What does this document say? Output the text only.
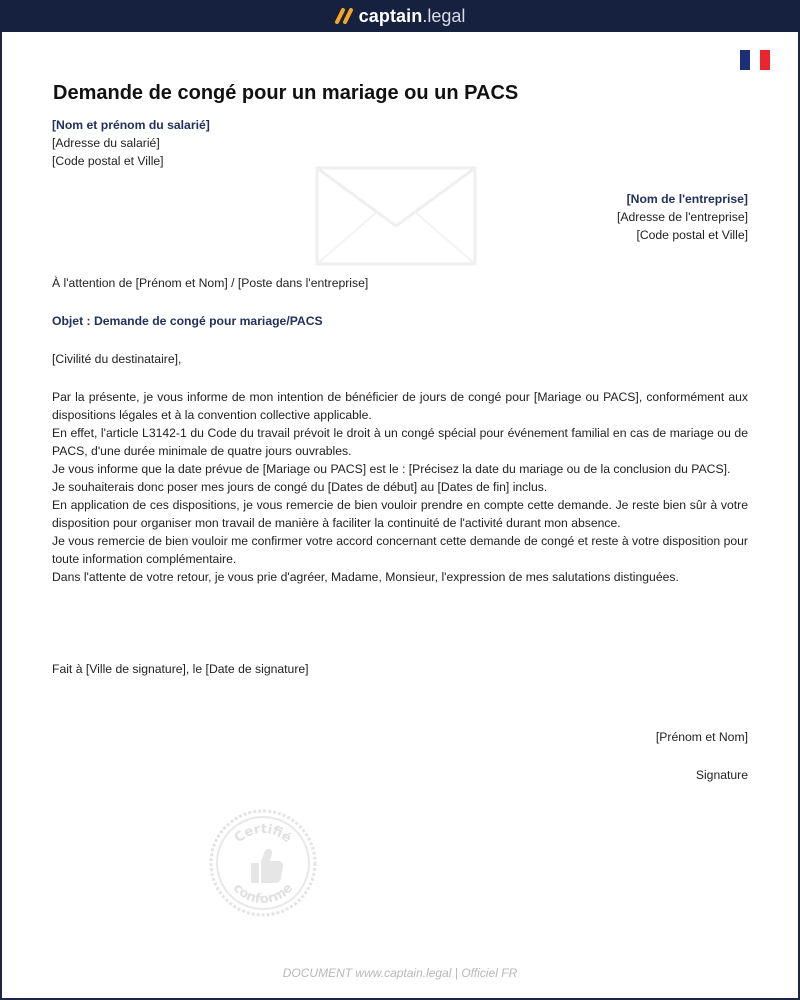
captain .legal
Demande de congé pour un mariage ou un PACS
[Nom et prénom du salarié]
[Adresse du salarié]
[Code postal et Ville]
[Nom de l'entreprise]
[Adresse de l'entreprise]
[Code postal et Ville]
À l'attention de [Prénom et Nom] / [Poste dans l'entreprise]
Objet : Demande de congé pour mariage/PACS
[Civilité du destinataire],

Par la présente, je vous informe de mon intention de bénéficier de jours de congé pour [Mariage ou PACS], conformément aux dispositions légales et à la convention collective applicable.

En effet, l'article L3142-1 du Code du travail prévoit le droit à un congé spécial pour événement familial en cas de mariage ou de PACS, d'une durée minimale de quatre jours ouvrables.

Je vous informe que la date prévue de [Mariage ou PACS] est le : [Précisez la date du mariage ou de la conclusion du PACS].

Je souhaiterais donc poser mes jours de congé du [Dates de début] au [Dates de fin] inclus.

En application de ces dispositions, je vous remercie de bien vouloir prendre en compte cette demande. Je reste bien sûr à votre disposition pour organiser mon travail de manière à faciliter la continuité de l'activité durant mon absence.

Je vous remercie de bien vouloir me confirmer votre accord concernant cette demande de congé et reste à votre disposition pour toute information complémentaire.

Dans l'attente de votre retour, je vous prie d'agréer, Madame, Monsieur, l'expression de mes salutations distinguées.

Fait à [Ville de signature], le [Date de signature]
[Prénom et Nom]
Signature
Certifié
conforme
DOCUMENT www.captain.legal | Officiel FR
